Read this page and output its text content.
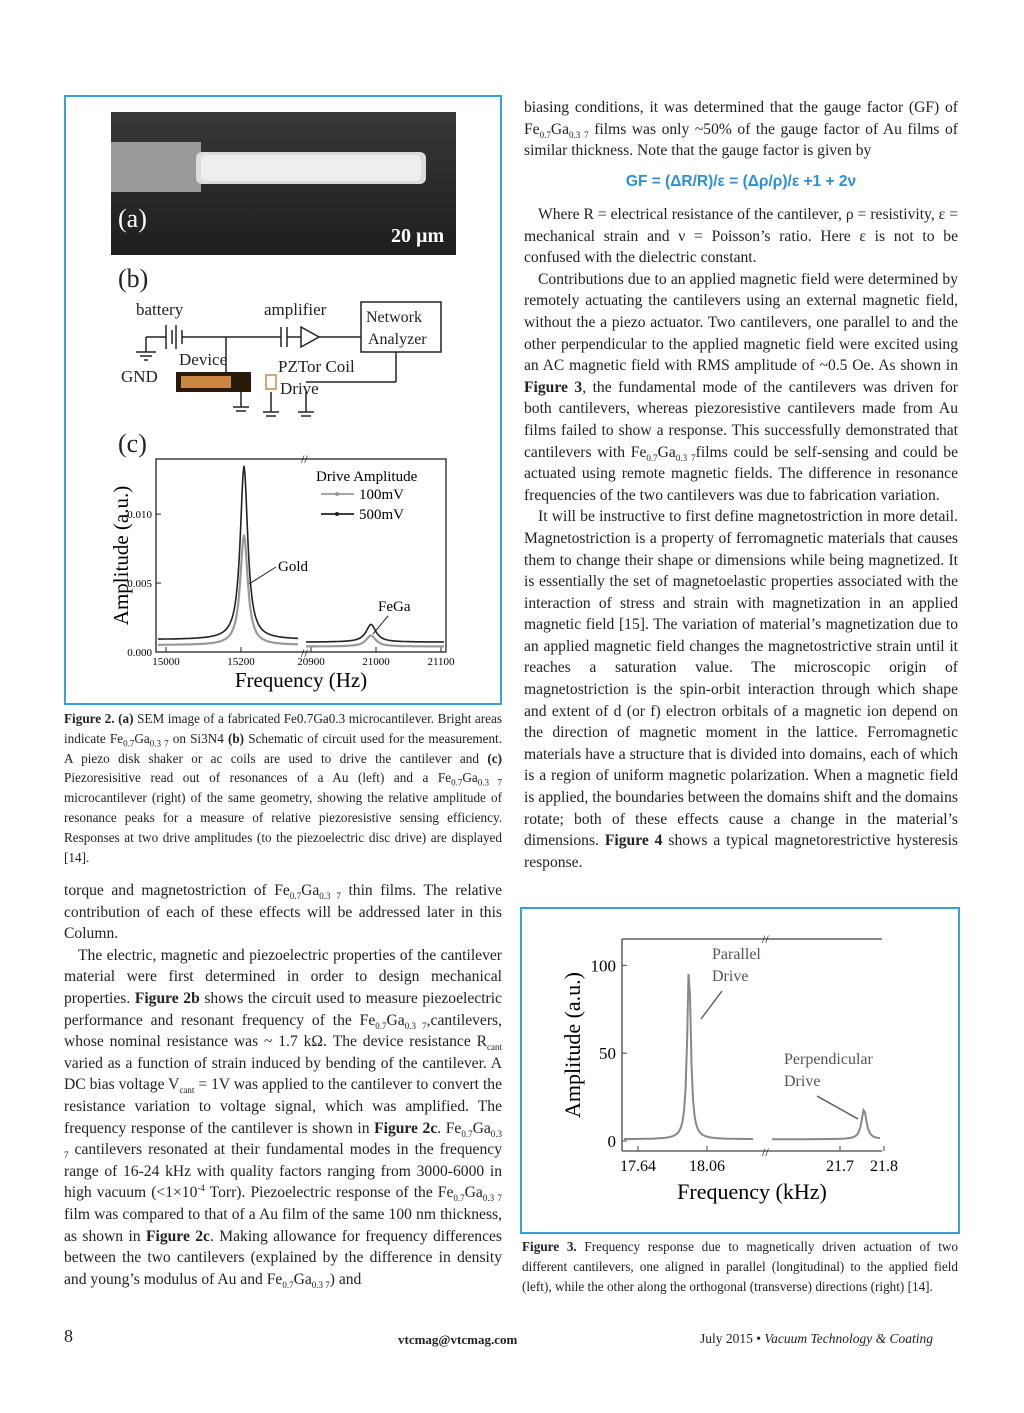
(a)
20 µm
(b)
battery	amplifier Network
Analyzer
Device
GND
PZTor Coil
Drive
(c)
//
//
0.000
0.005
0.010
15000	15200	20900	21000	21100
Frequency (Hz)
Amplitude (a.u.)
Drive Amplitude
100mV
500mV
Gold
FeGa
Figure 2. (a) SEM image of a fabricated Fe0.7Ga0.3 microcantilever. Bright areas indicate $Fe_{0.7}Ga_{0.3 7}$ on Si3N4 (b) Schematic of circuit used for the measurement. A piezo disk shaker or ac coils are used to drive the cantilever and (c) Piezoresisitive read out of resonances of a Au (left) and a $Fe_{0.7}Ga_{0.3 7}$ microcantilever (right) of the same geometry, showing the relative amplitude of resonance peaks for a measure of relative piezoresistive sensing efficiency. Responses at two drive amplitudes (to the piezoelectric disc drive) are displayed [14].

torque and magnetostriction of $Fe_{0.7}Ga_{0.3 7}$ thin films. The relative contribution of each of these effects will be addressed later in this Column.

The electric, magnetic and piezoelectric properties of the cantilever material were first determined in order to design mechanical properties. Figure 2b shows the circuit used to measure piezoelectric performance and resonant frequency of the $Fe_{0.7}Ga_{0.3 7},cantilevers$, whose nominal resistance was ~ 1.7 kΩ. The device resistance $R_{cant}$ varied as a function of strain induced by bending of the cantilever. A DC bias voltage $V_{cant} = 1V$ was applied to the cantilever to convert the resistance variation to voltage signal, which was amplified. The frequency response of the cantilever is shown in Figure 2c. $Fe_{0.7}Ga_{0.3 7}$ cantilevers resonated at their fundamental modes in the frequency range of 16-24 kHz with quality factors ranging from 3000-6000 in high vacuum ($<1\times 10^{-4}$ Torr). Piezoelectric response of the $Fe_{0.7}Ga_{0.3 7}$ film was compared to that of a Au film of the same 100 nm thickness, as shown in Figure 2c. Making allowance for frequency differences between the two cantilevers (explained by the difference in density and young’s modulus of Au and $Fe_{0.7}Ga_{0.3 7}$) and

biasing conditions, it was determined that the gauge factor (GF) of $Fe_{0.7}Ga_{0.3 7}$ films was only ~50% of the gauge factor of Au films of similar thickness. Note that the gauge factor is given by

GF = (ΔR/R)/ε = (Δρ/ρ)/ε +1 + 2ν

Where R = electrical resistance of the cantilever, ρ = resistivity, ε = mechanical strain and ν = Poisson’s ratio. Here ε is not to be confused with the dielectric constant.

Contributions due to an applied magnetic field were determined by remotely actuating the cantilevers using an external magnetic field, without the a piezo actuator. Two cantilevers, one parallel to and the other perpendicular to the applied magnetic field were excited using an AC magnetic field with RMS amplitude of ~0.5 Oe. As shown in Figure 3, the fundamental mode of the cantilevers was driven for both cantilevers, whereas piezoresistive cantilevers made from Au films failed to show a response. This successfully demonstrated that cantilevers with $Fe_{0.7}Ga_{0.3 7}films$ could be self-sensing and could be actuated using remote magnetic fields. The difference in resonance frequencies of the two cantilevers was due to fabrication variation.

It will be instructive to first define magnetostriction in more detail. Magnetostriction is a property of ferromagnetic materials that causes them to change their shape or dimensions while being magnetized. It is essentially the set of magnetoelastic properties associated with the interaction of stress and strain with magnetization in an applied magnetic field [15]. The variation of material’s magnetization due to an applied magnetic field changes the magnetostrictive strain until it reaches a saturation value. The microscopic origin of magnetostriction is the spin-orbit interaction through which shape and extent of d (or f) electron orbitals of a magnetic ion depend on the direction of magnetic moment in the lattice. Ferromagnetic materials have a structure that is divided into domains, each of which is a region of uniform magnetic polarization. When a magnetic field is applied, the boundaries between the domains shift and the domains rotate; both of these effects cause a change in the material’s dimensions. Figure 4 shows a typical magnetorestrictive hysteresis response.

//
//
0
50
100
17.64 18.06	21.7 21.8
Frequency (kHz)
Amplitude (a.u.)
Parallel
Drive
Perpendicular
Drive
Figure 3. Frequency response due to magnetically driven actuation of two different cantilevers, one aligned in parallel (longitudinal) to the applied field (left), while the other along the orthogonal (transverse) directions (right) [14].
8	vtcmag@vtcmag.com	July 2015 • Vacuum Technology & Coating
